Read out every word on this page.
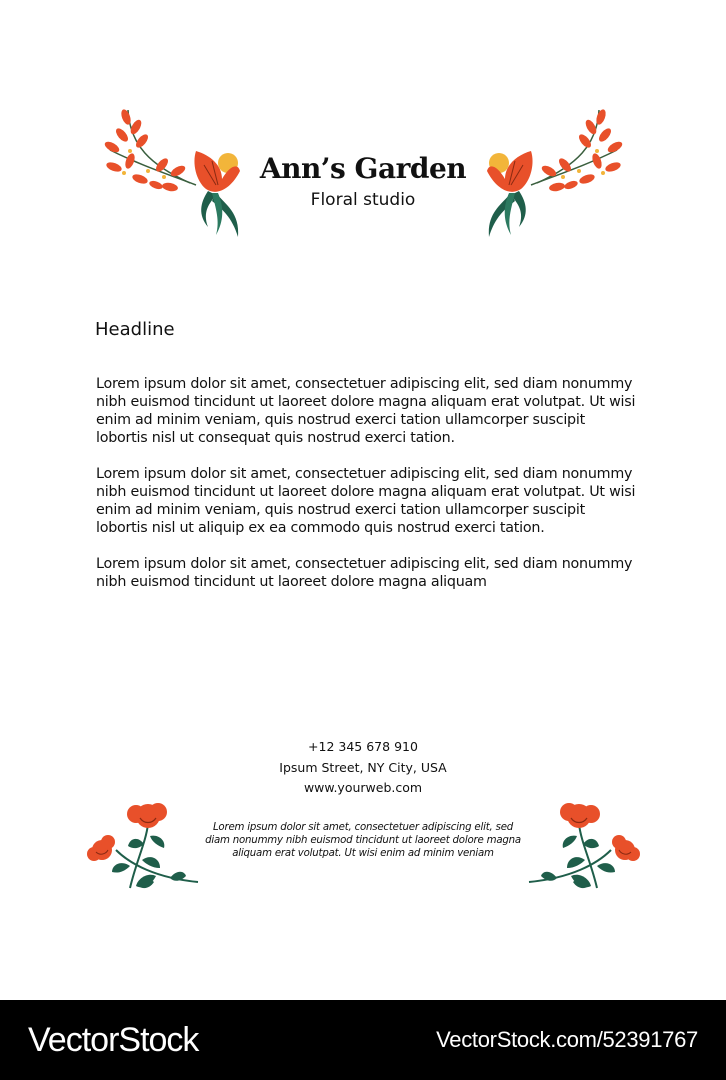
Ann’s Garden
Floral studio
Headline

Lorem ipsum dolor sit amet, consectetuer adipiscing elit, sed diam nonummy nibh euismod tincidunt ut laoreet dolore magna aliquam erat volutpat. Ut wisi enim ad minim veniam, quis nostrud exerci tation ullamcorper suscipit lobortis nisl ut consequat quis nostrud exerci tation.

Lorem ipsum dolor sit amet, consectetuer adipiscing elit, sed diam nonummy nibh euismod tincidunt ut laoreet dolore magna aliquam erat volutpat. Ut wisi enim ad minim veniam, quis nostrud exerci tation ullamcorper suscipit lobortis nisl ut aliquip ex ea commodo quis nostrud exerci tation.

Lorem ipsum dolor sit amet, consectetuer adipiscing elit, sed diam nonummy nibh euismod tincidunt ut laoreet dolore magna aliquam

+12 345 678 910
Ipsum Street, NY City, USA
www.yourweb.com
Lorem ipsum dolor sit amet, consectetuer adipiscing elit, sed diam nonummy nibh euismod tincidunt ut laoreet dolore magna aliquam erat volutpat. Ut wisi enim ad minim veniam
VectorStock	VectorStock.com/52391767
